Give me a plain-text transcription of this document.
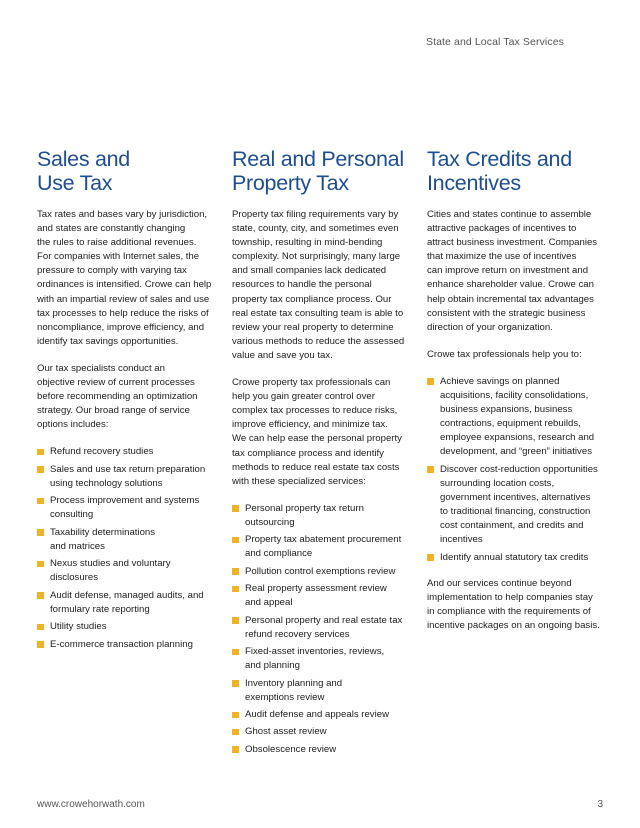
State and Local Tax Services
Sales and
Use Tax

Tax rates and bases vary by jurisdiction,
and states are constantly changing
the rules to raise additional revenues.
For companies with Internet sales, the
pressure to comply with varying tax
ordinances is intensified. Crowe can help
with an impartial review of sales and use
tax processes to help reduce the risks of
noncompliance, improve efficiency, and
identify tax savings opportunities.

Our tax specialists conduct an
objective review of current processes
before recommending an optimization
strategy. Our broad range of service
options includes:

Refund recovery studies
Sales and use tax return preparation
using technology solutions
Process improvement and systems
consulting
Taxability determinations
and matrices
Nexus studies and voluntary
disclosures
Audit defense, managed audits, and
formulary rate reporting
Utility studies
E-commerce transaction planning
Real and Personal
Property Tax

Property tax filing requirements vary by
state, county, city, and sometimes even
township, resulting in mind-bending
complexity. Not surprisingly, many large
and small companies lack dedicated
resources to handle the personal
property tax compliance process. Our
real estate tax consulting team is able to
review your real property to determine
various methods to reduce the assessed
value and save you tax.

Crowe property tax professionals can
help you gain greater control over
complex tax processes to reduce risks,
improve efficiency, and minimize tax.
We can help ease the personal property
tax compliance process and identify
methods to reduce real estate tax costs
with these specialized services:

Personal property tax return
outsourcing
Property tax abatement procurement
and compliance
Pollution control exemptions review
Real property assessment review
and appeal
Personal property and real estate tax
refund recovery services
Fixed-asset inventories, reviews,
and planning
Inventory planning and
exemptions review
Audit defense and appeals review
Ghost asset review
Obsolescence review
Tax Credits and
Incentives

Cities and states continue to assemble
attractive packages of incentives to
attract business investment. Companies
that maximize the use of incentives
can improve return on investment and
enhance shareholder value. Crowe can
help obtain incremental tax advantages
consistent with the strategic business
direction of your organization.

Crowe tax professionals help you to:

Achieve savings on planned
acquisitions, facility consolidations,
business expansions, business
contractions, equipment rebuilds,
employee expansions, research and
development, and “green” initiatives
Discover cost-reduction opportunities
surrounding location costs,
government incentives, alternatives
to traditional financing, construction
cost containment, and credits and
incentives
Identify annual statutory tax credits

And our services continue beyond
implementation to help companies stay
in compliance with the requirements of
incentive packages on an ongoing basis.

www.crowehorwath.com	3
